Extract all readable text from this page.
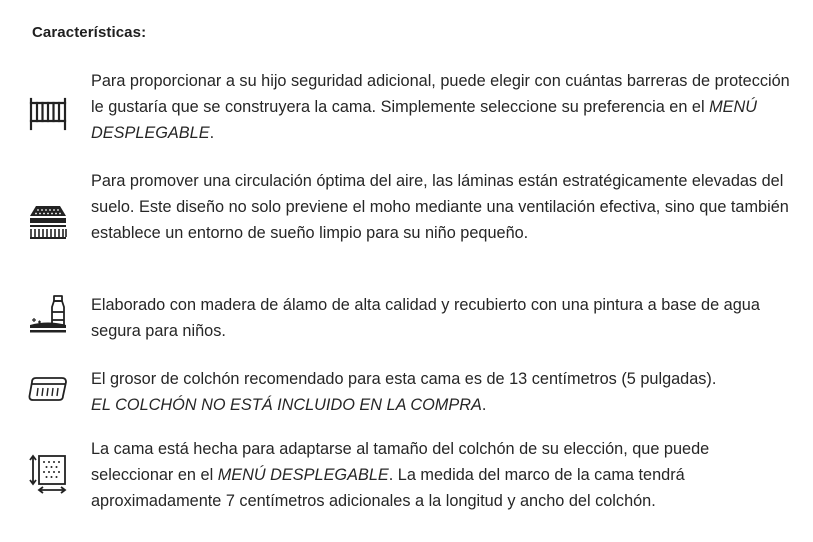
Características:
Para proporcionar a su hijo seguridad adicional, puede elegir con cuántas barreras de protección le gustaría que se construyera la cama. Simplemente seleccione su preferencia en el MENÚ DESPLEGABLE.
Para promover una circulación óptima del aire, las láminas están estratégicamente elevadas del suelo. Este diseño no solo previene el moho mediante una ventilación efectiva, sino que también establece un entorno de sueño limpio para su niño pequeño.
Elaborado con madera de álamo de alta calidad y recubierto con una pintura a base de agua segura para niños.
El grosor de colchón recomendado para esta cama es de 13 centímetros (5 pulgadas).
EL COLCHÓN NO ESTÁ INCLUIDO EN LA COMPRA.
La cama está hecha para adaptarse al tamaño del colchón de su elección, que puede seleccionar en el MENÚ DESPLEGABLE. La medida del marco de la cama tendrá aproximadamente 7 centímetros adicionales a la longitud y ancho del colchón.
